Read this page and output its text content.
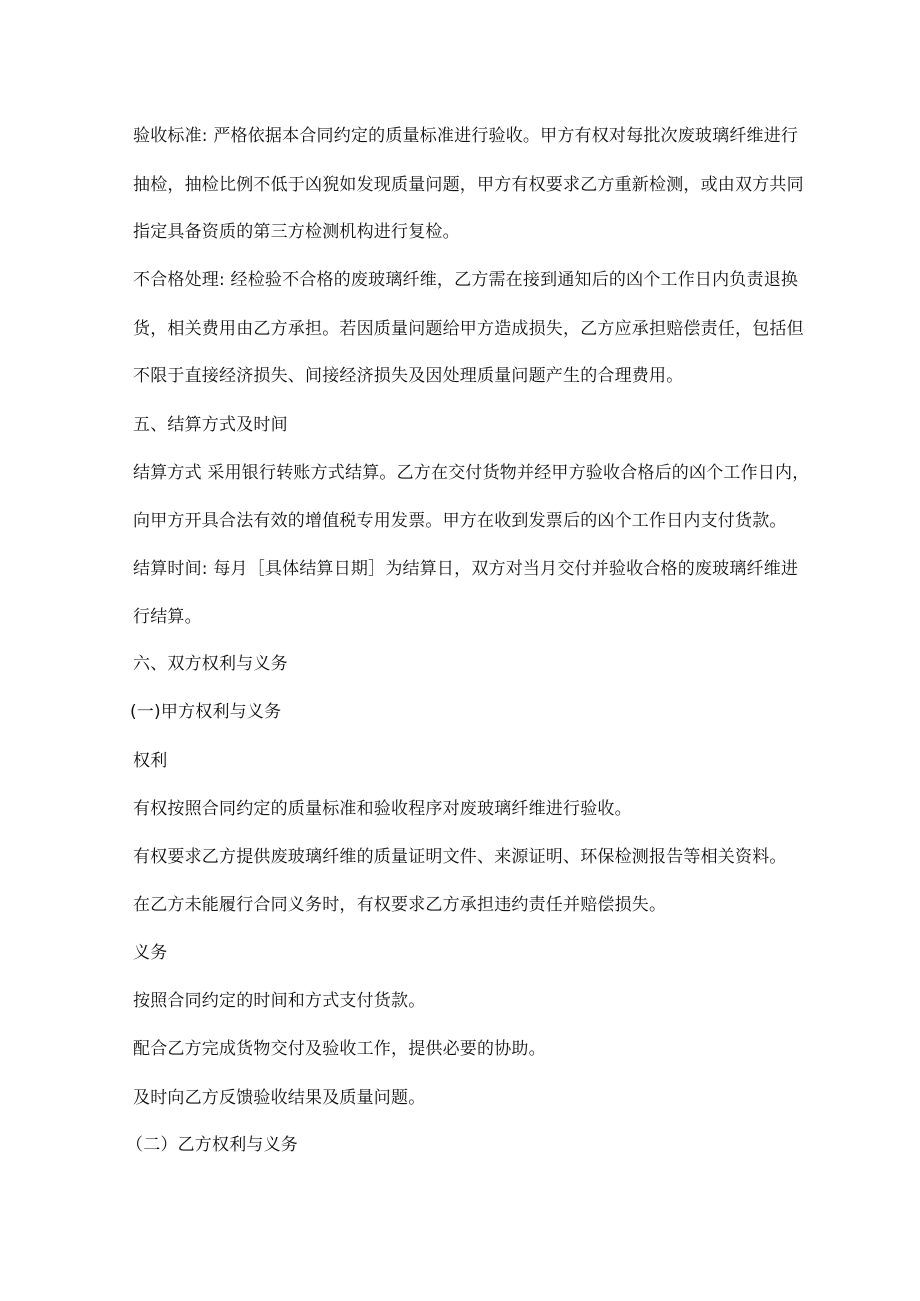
验收标准: 严格依据本合同约定的质量标准进行验收。甲方有权对每批次废玻璃纤维进行
抽检，抽检比例不低于凶猊如发现质量问题，甲方有权要求乙方重新检测，或由双方共同
指定具备资质的第三方检测机构进行复检。
不合格处理: 经检验不合格的废玻璃纤维，乙方需在接到通知后的凶个工作日内负责退换
货，相关费用由乙方承担。若因质量问题给甲方造成损失，乙方应承担赔偿责任，包括但
不限于直接经济损失、间接经济损失及因处理质量问题产生的合理费用。
五、结算方式及时间
结算方式 采用银行转账方式结算。乙方在交付货物并经甲方验收合格后的凶个工作日内，
向甲方开具合法有效的增值税专用发票。甲方在收到发票后的凶个工作日内支付货款。
结算时间: 每月［具体结算日期］为结算日，双方对当月交付并验收合格的废玻璃纤维进
行结算。
六、双方权利与义务
(一)甲方权利与义务
权利
有权按照合同约定的质量标准和验收程序对废玻璃纤维进行验收。
有权要求乙方提供废玻璃纤维的质量证明文件、来源证明、环保检测报告等相关资料。
在乙方未能履行合同义务时，有权要求乙方承担违约责任并赔偿损失。
义务
按照合同约定的时间和方式支付货款。
配合乙方完成货物交付及验收工作，提供必要的协助。
及时向乙方反馈验收结果及质量问题。
（二）乙方权利与义务
